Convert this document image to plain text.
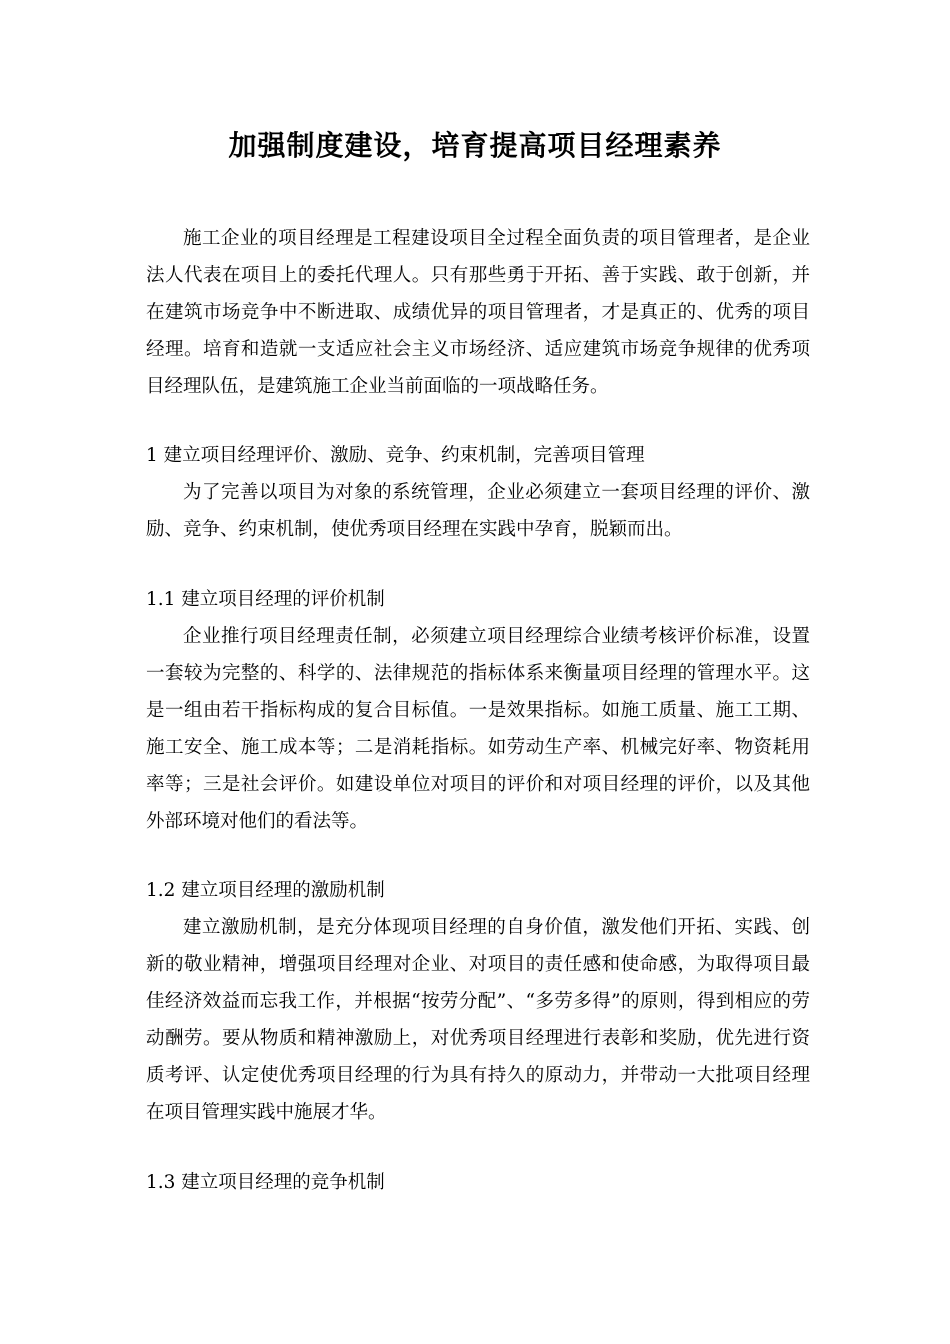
加强制度建设，培育提高项目经理素养

施工企业的项目经理是工程建设项目全过程全面负责的项目管理者，是企业法人代表在项目上的委托代理人。只有那些勇于开拓、善于实践、敢于创新，并在建筑市场竞争中不断进取、成绩优异的项目管理者，才是真正的、优秀的项目经理。培育和造就一支适应社会主义市场经济、适应建筑市场竞争规律的优秀项目经理队伍，是建筑施工企业当前面临的一项战略任务。

1 建立项目经理评价、激励、竞争、约束机制，完善项目管理

为了完善以项目为对象的系统管理，企业必须建立一套项目经理的评价、激励、竞争、约束机制，使优秀项目经理在实践中孕育，脱颖而出。

1.1 建立项目经理的评价机制

企业推行项目经理责任制，必须建立项目经理综合业绩考核评价标准，设置一套较为完整的、科学的、法律规范的指标体系来衡量项目经理的管理水平。这是一组由若干指标构成的复合目标值。一是效果指标。如施工质量、施工工期、施工安全、施工成本等；二是消耗指标。如劳动生产率、机械完好率、物资耗用率等；三是社会评价。如建设单位对项目的评价和对项目经理的评价，以及其他外部环境对他们的看法等。

1.2 建立项目经理的激励机制

建立激励机制，是充分体现项目经理的自身价值，激发他们开拓、实践、创新的敬业精神，增强项目经理对企业、对项目的责任感和使命感，为取得项目最佳经济效益而忘我工作，并根据“按劳分配”、“多劳多得”的原则，得到相应的劳动酬劳。要从物质和精神激励上，对优秀项目经理进行表彰和奖励，优先进行资质考评、认定使优秀项目经理的行为具有持久的原动力，并带动一大批项目经理在项目管理实践中施展才华。

1.3 建立项目经理的竞争机制
